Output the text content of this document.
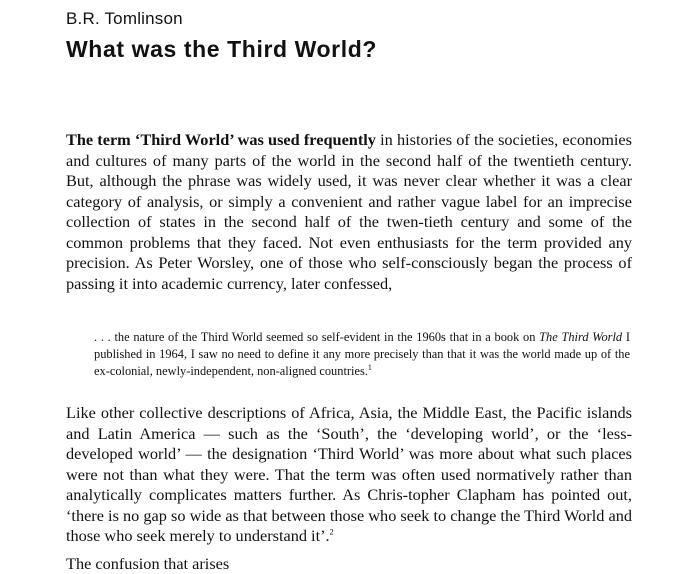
B.R. Tomlinson
What was the Third World?

The term ‘Third World’ was used frequently in histories of the societies, economies and cultures of many parts of the world in the second half of the twentieth century. But, although the phrase was widely used, it was never clear whether it was a clear category of analysis, or simply a convenient and rather vague label for an imprecise collection of states in the second half of the twen-tieth century and some of the common problems that they faced. Not even enthusiasts for the term provided any precision. As Peter Worsley, one of those who self-consciously began the process of passing it into academic currency, later confessed,

. . . the nature of the Third World seemed so self-evident in the 1960s that in a book on The Third World I published in 1964, I saw no need to define it any more precisely than that it was the world made up of the ex-colonial, newly-independent, non-aligned countries.$^1$

Like other collective descriptions of Africa, Asia, the Middle East, the Pacific islands and Latin America — such as the ‘South’, the ‘developing world’, or the ‘less-developed world’ — the designation ‘Third World’ was more about what such places were not than what they were. That the term was often used normatively rather than analytically complicates matters further. As Chris-topher Clapham has pointed out, ‘there is no gap so wide as that between those who seek to change the Third World and those who seek merely to understand it’.$^2$

The confusion that arises
